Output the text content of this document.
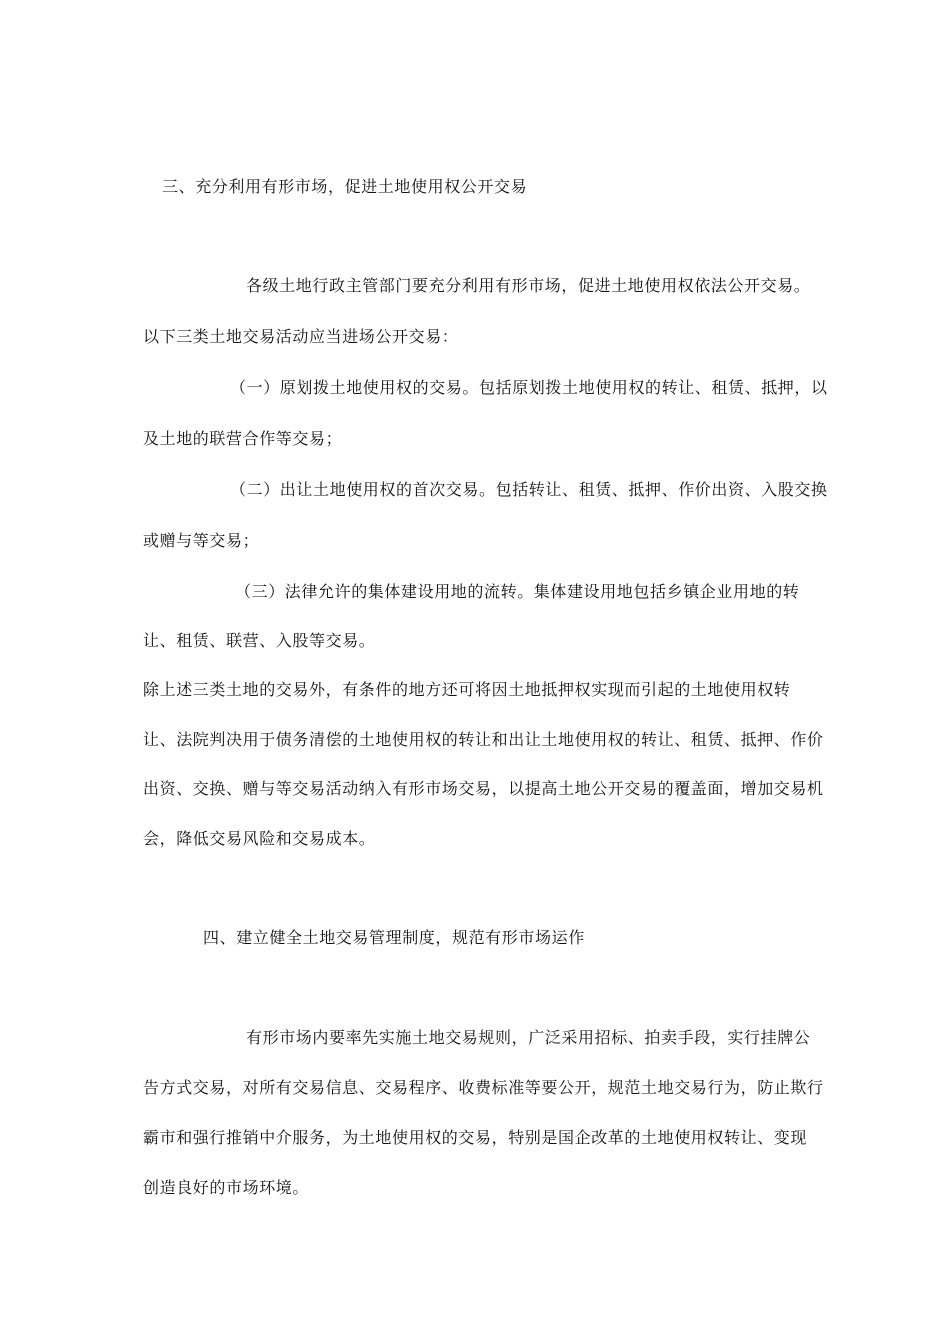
三、充分利用有形市场，促进土地使用权公开交易
各级土地行政主管部门要充分利用有形市场，促进土地使用权依法公开交易。
以下三类土地交易活动应当进场公开交易：
（一）原划拨土地使用权的交易。包括原划拨土地使用权的转让、租赁、抵押，以
及土地的联营合作等交易；
（二）出让土地使用权的首次交易。包括转让、租赁、抵押、作价出资、入股交换
或赠与等交易；
（三）法律允许的集体建设用地的流转。集体建设用地包括乡镇企业用地的转
让、租赁、联营、入股等交易。
除上述三类土地的交易外，有条件的地方还可将因土地抵押权实现而引起的土地使用权转
让、法院判决用于债务清偿的土地使用权的转让和出让土地使用权的转让、租赁、抵押、作价
出资、交换、赠与等交易活动纳入有形市场交易，以提高土地公开交易的覆盖面，增加交易机
会，降低交易风险和交易成本。
四、建立健全土地交易管理制度，规范有形市场运作
有形市场内要率先实施土地交易规则，广泛采用招标、拍卖手段，实行挂牌公
告方式交易，对所有交易信息、交易程序、收费标准等要公开，规范土地交易行为，防止欺行
霸市和强行推销中介服务，为土地使用权的交易，特别是国企改革的土地使用权转让、变现
创造良好的市场环境。
